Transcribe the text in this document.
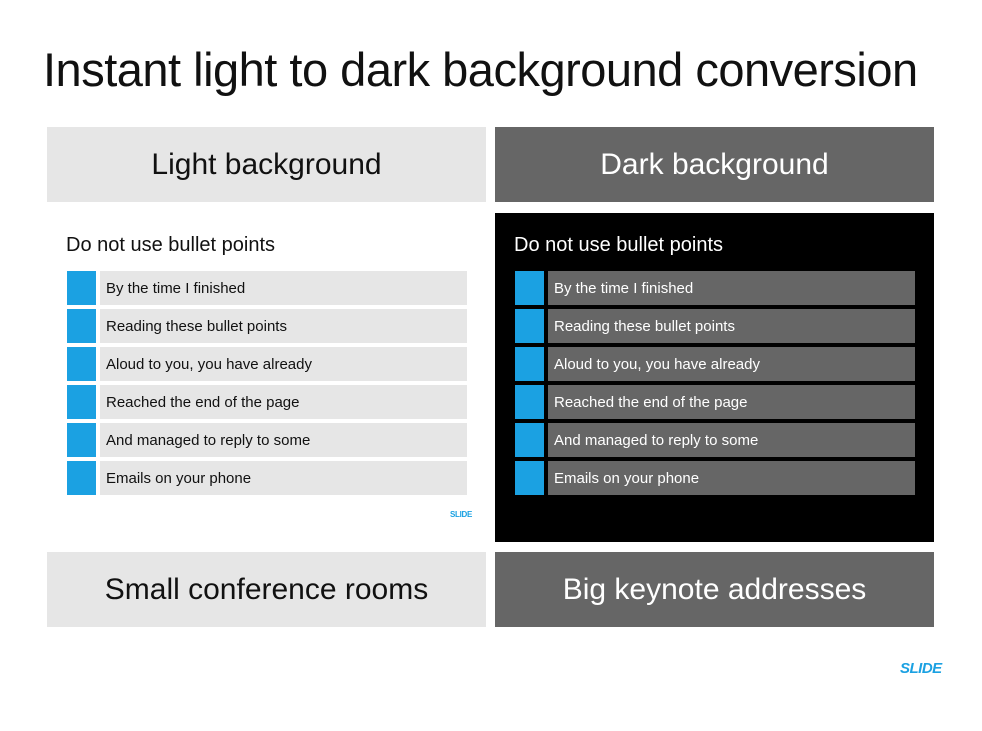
Instant light to dark background conversion
Light background	Dark background
Do not use bullet points
By the time I finished
Reading these bullet points
Aloud to you, you have already
Reached the end of the page
And managed to reply to some
Emails on your phone
SLIDE
Do not use bullet points
By the time I finished
Reading these bullet points
Aloud to you, you have already
Reached the end of the page
And managed to reply to some
Emails on your phone
Small conference rooms	Big keynote addresses
SLIDE
